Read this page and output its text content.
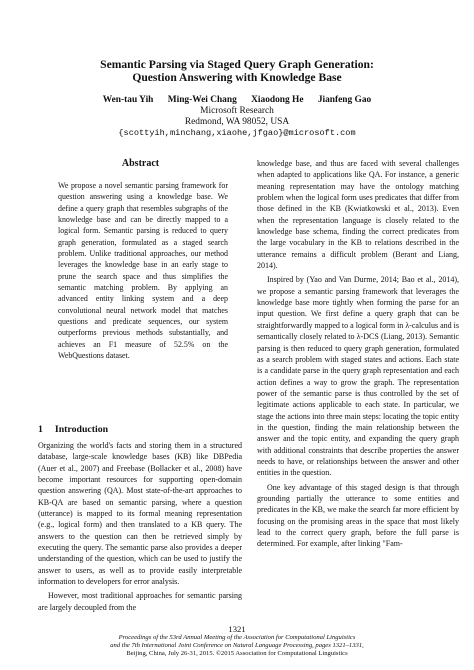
Semantic Parsing via Staged Query Graph Generation:
Question Answering with Knowledge Base
Wen-tau Yih Ming-Wei Chang Xiaodong He Jianfeng Gao
Microsoft Research
Redmond, WA 98052, USA
{scottyih,minchang,xiaohe,jfgao}@microsoft.com
Abstract
We propose a novel semantic parsing framework for question answering using a knowledge base. We define a query graph that resembles subgraphs of the knowledge base and can be directly mapped to a logical form. Semantic parsing is reduced to query graph generation, formulated as a staged search problem. Unlike traditional approaches, our method leverages the knowledge base in an early stage to prune the search space and thus simplifies the semantic matching problem. By applying an advanced entity linking system and a deep convolutional neural network model that matches questions and predicate sequences, our system outperforms previous methods substantially, and achieves an F1 measure of 52.5% on the WebQuestions dataset.
1 Introduction

Organizing the world's facts and storing them in a structured database, large-scale knowledge bases (KB) like DBPedia (Auer et al., 2007) and Freebase (Bollacker et al., 2008) have become important resources for supporting open-domain question answering (QA). Most state-of-the-art approaches to KB-QA are based on semantic parsing, where a question (utterance) is mapped to its formal meaning representation (e.g., logical form) and then translated to a KB query. The answers to the question can then be retrieved simply by executing the query. The semantic parse also provides a deeper understanding of the question, which can be used to justify the answer to users, as well as to provide easily interpretable information to developers for error analysis.

However, most traditional approaches for semantic parsing are largely decoupled from the

knowledge base, and thus are faced with several challenges when adapted to applications like QA. For instance, a generic meaning representation may have the ontology matching problem when the logical form uses predicates that differ from those defined in the KB (Kwiatkowski et al., 2013). Even when the representation language is closely related to the knowledge base schema, finding the correct predicates from the large vocabulary in the KB to relations described in the utterance remains a difficult problem (Berant and Liang, 2014).

Inspired by (Yao and Van Durme, 2014; Bao et al., 2014), we propose a semantic parsing framework that leverages the knowledge base more tightly when forming the parse for an input question. We first define a query graph that can be straightforwardly mapped to a logical form in λ-calculus and is semantically closely related to λ-DCS (Liang, 2013). Semantic parsing is then reduced to query graph generation, formulated as a search problem with staged states and actions. Each state is a candidate parse in the query graph representation and each action defines a way to grow the graph. The representation power of the semantic parse is thus controlled by the set of legitimate actions applicable to each state. In particular, we stage the actions into three main steps: locating the topic entity in the question, finding the main relationship between the answer and the topic entity, and expanding the query graph with additional constraints that describe properties the answer needs to have, or relationships between the answer and other entities in the question.

One key advantage of this staged design is that through grounding partially the utterance to some entities and predicates in the KB, we make the search far more efficient by focusing on the promising areas in the space that most likely lead to the correct query graph, before the full parse is determined. For example, after linking "Fam-

1321
Proceedings of the 53rd Annual Meeting of the Association for Computational Linguistics
and the 7th International Joint Conference on Natural Language Processing, pages 1321–1331,
Beijing, China, July 26-31, 2015. ©2015 Association for Computational Linguistics
